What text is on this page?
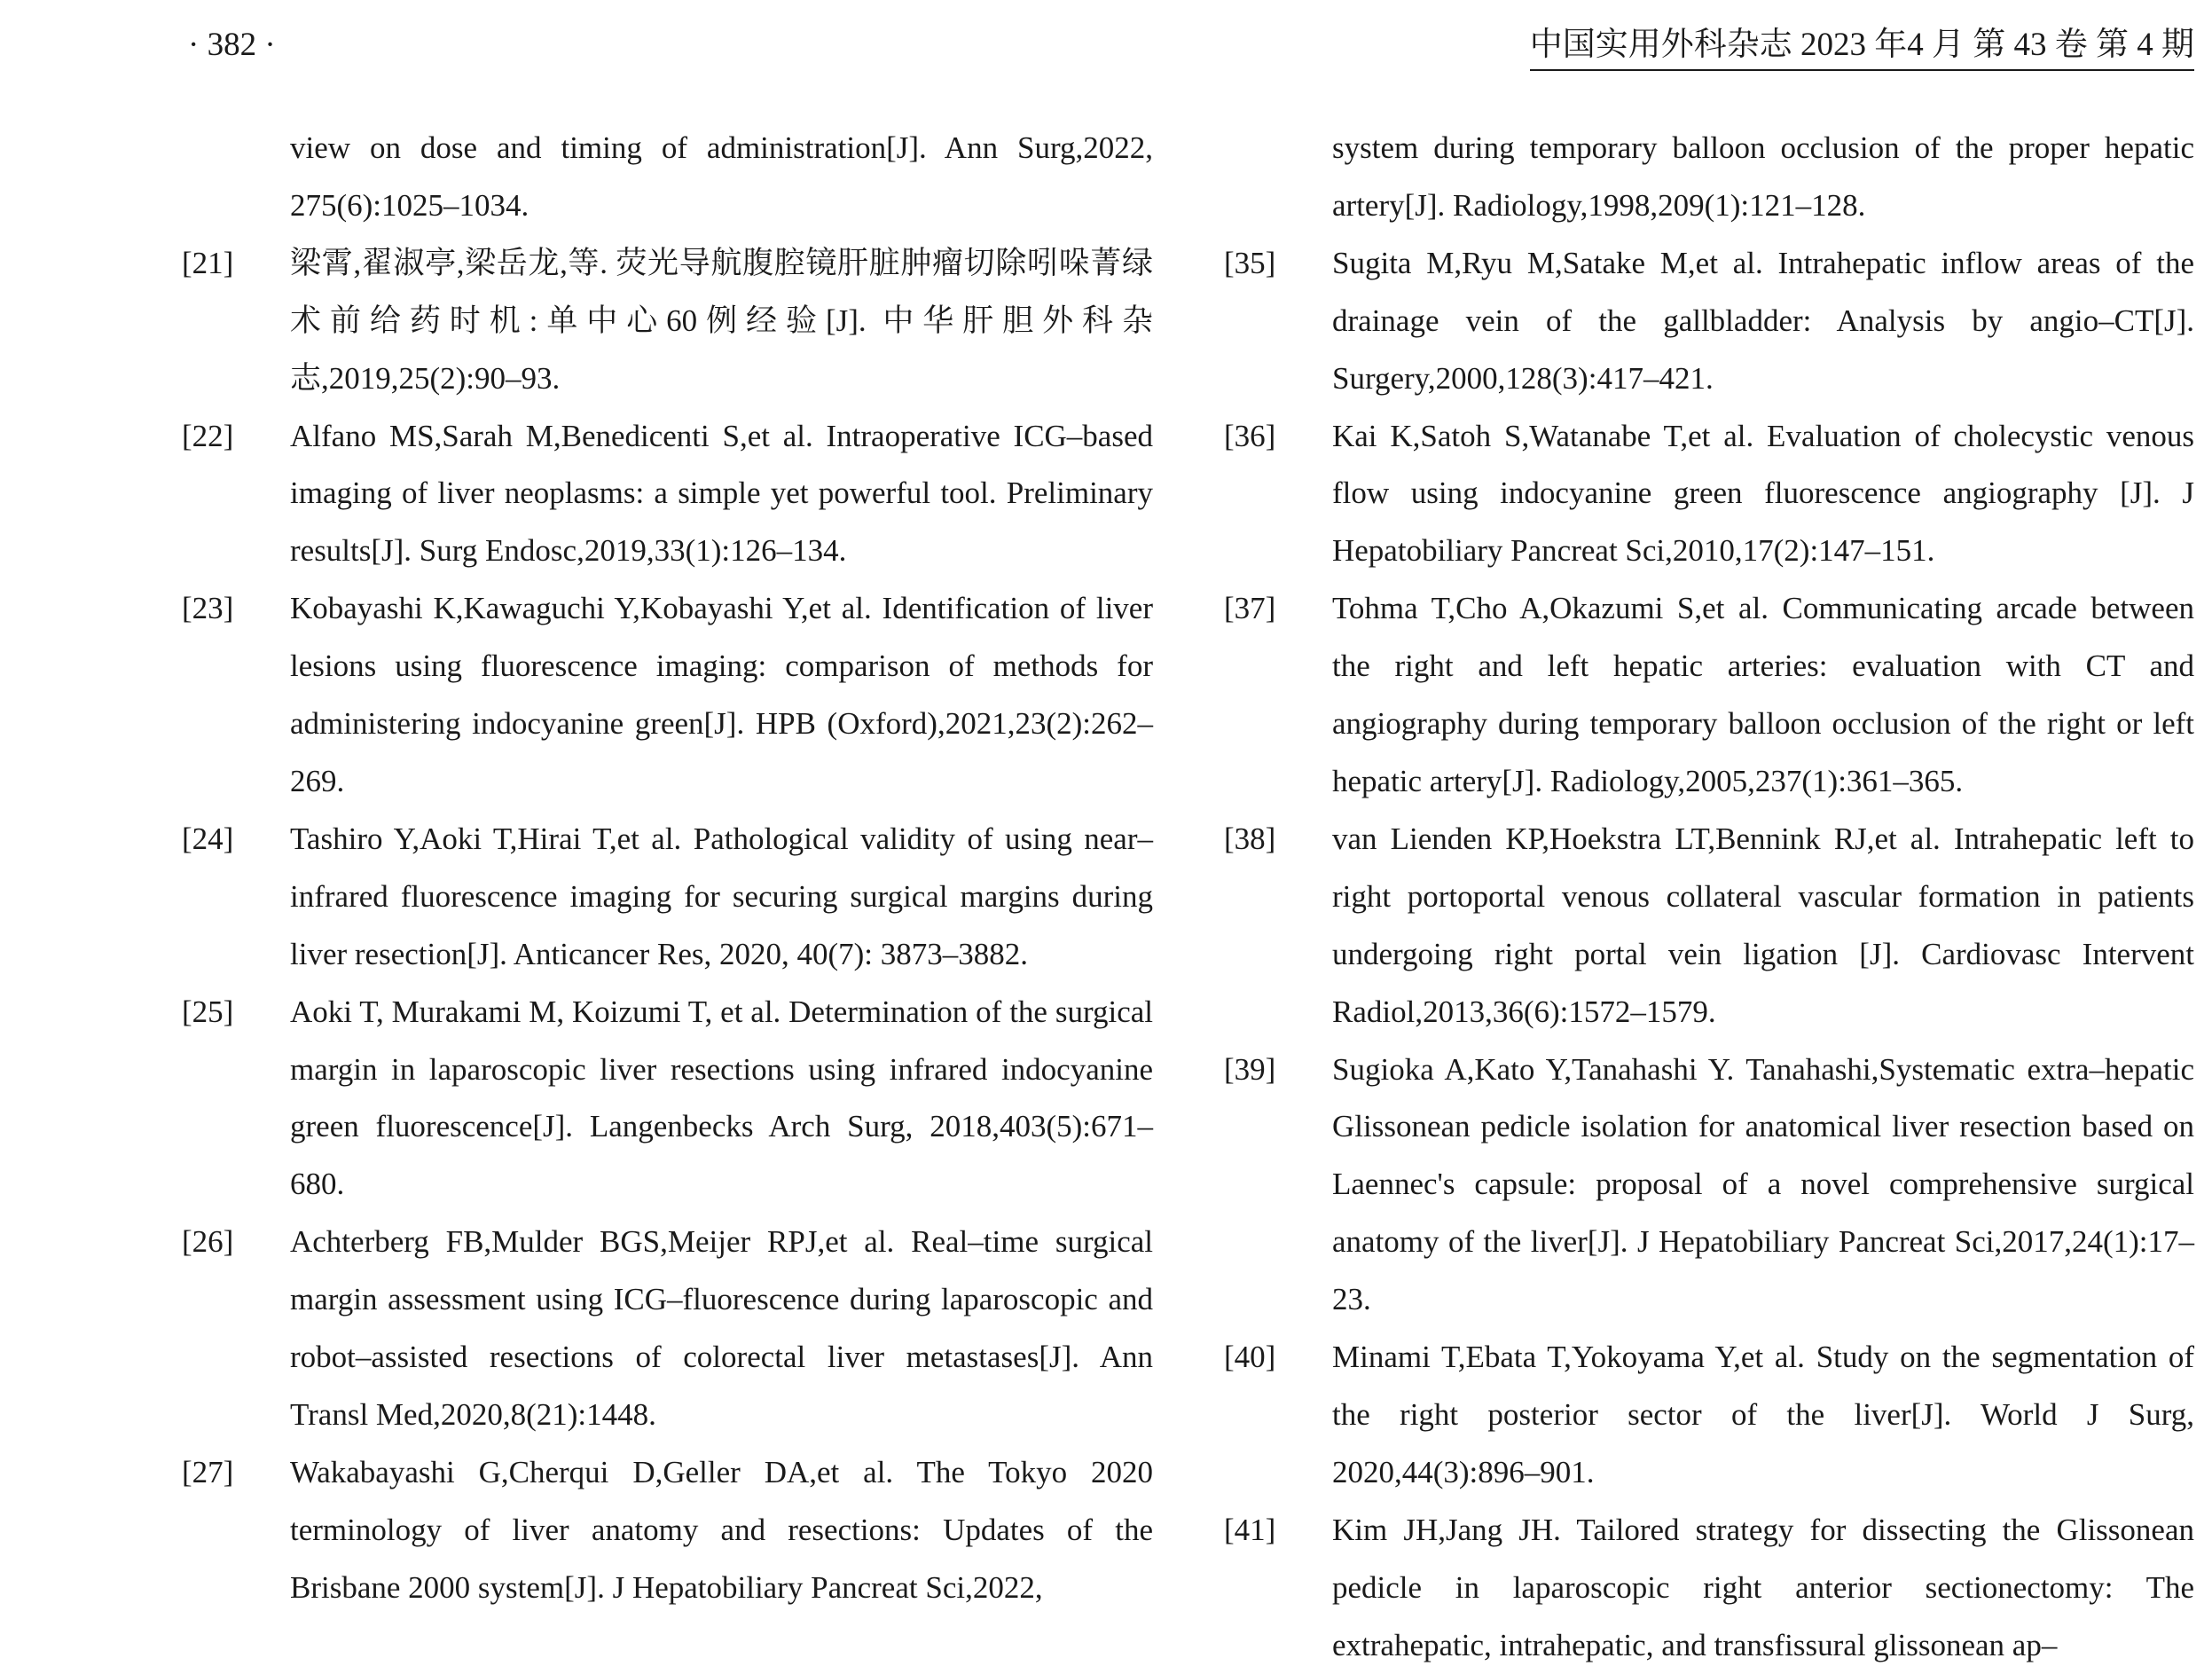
· 382 ·	中国实用外科杂志 2023 年4 月 第 43 卷 第 4 期

view on dose and timing of administration[J]. Ann Surg,2022, 275(6):1025–1034.

[21] 梁霄,翟淑亭,梁岳龙,等. 荧光导航腹腔镜肝脏肿瘤切除吲哚菁绿术前给药时机:单中心60例经验[J]. 中华肝胆外科杂志,2019,25(2):90–93.

[22] Alfano MS,Sarah M,Benedicenti S,et al. Intraoperative ICG–based imaging of liver neoplasms: a simple yet powerful tool. Preliminary results[J]. Surg Endosc,2019,33(1):126–134.

[23] Kobayashi K,Kawaguchi Y,Kobayashi Y,et al. Identification of liver lesions using fluorescence imaging: comparison of methods for administering indocyanine green[J]. HPB (Oxford),2021,23(2):262–269.

[24] Tashiro Y,Aoki T,Hirai T,et al. Pathological validity of using near–infrared fluorescence imaging for securing surgical margins during liver resection[J]. Anticancer Res, 2020, 40(7): 3873–3882.

[25] Aoki T, Murakami M, Koizumi T, et al. Determination of the surgical margin in laparoscopic liver resections using infrared indocyanine green fluorescence[J]. Langenbecks Arch Surg, 2018,403(5):671–680.

[26] Achterberg FB,Mulder BGS,Meijer RPJ,et al. Real–time surgical margin assessment using ICG–fluorescence during laparoscopic and robot–assisted resections of colorectal liver metastases[J]. Ann Transl Med,2020,8(21):1448.

[27] Wakabayashi G,Cherqui D,Geller DA,et al. The Tokyo 2020 terminology of liver anatomy and resections: Updates of the Brisbane 2000 system[J]. J Hepatobiliary Pancreat Sci,2022,

system during temporary balloon occlusion of the proper hepatic artery[J]. Radiology,1998,209(1):121–128.

[35] Sugita M,Ryu M,Satake M,et al. Intrahepatic inflow areas of the drainage vein of the gallbladder: Analysis by angio–CT[J]. Surgery,2000,128(3):417–421.

[36] Kai K,Satoh S,Watanabe T,et al. Evaluation of cholecystic venous flow using indocyanine green fluorescence angiography [J]. J Hepatobiliary Pancreat Sci,2010,17(2):147–151.

[37] Tohma T,Cho A,Okazumi S,et al. Communicating arcade between the right and left hepatic arteries: evaluation with CT and angiography during temporary balloon occlusion of the right or left hepatic artery[J]. Radiology,2005,237(1):361–365.

[38] van Lienden KP,Hoekstra LT,Bennink RJ,et al. Intrahepatic left to right portoportal venous collateral vascular formation in patients undergoing right portal vein ligation [J]. Cardiovasc Intervent Radiol,2013,36(6):1572–1579.

[39] Sugioka A,Kato Y,Tanahashi Y. Tanahashi,Systematic extra–hepatic Glissonean pedicle isolation for anatomical liver resection based on Laennec's capsule: proposal of a novel comprehensive surgical anatomy of the liver[J]. J Hepatobiliary Pancreat Sci,2017,24(1):17–23.

[40] Minami T,Ebata T,Yokoyama Y,et al. Study on the segmentation of the right posterior sector of the liver[J]. World J Surg, 2020,44(3):896–901.

[41] Kim JH,Jang JH. Tailored strategy for dissecting the Glissonean pedicle in laparoscopic right anterior sectionectomy: The extrahepatic, intrahepatic, and transfissural glissonean ap–
